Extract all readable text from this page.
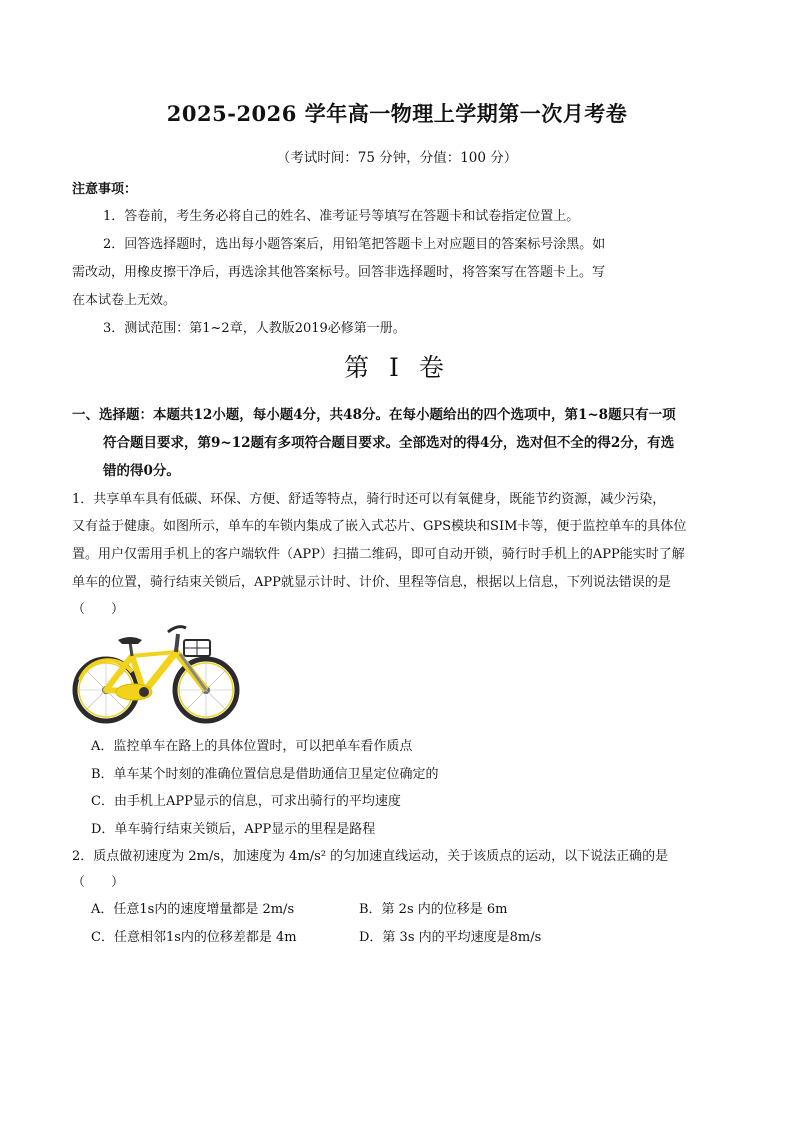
2025-2026 学年高一物理上学期第一次月考卷
（考试时间：75 分钟，分值：100 分）
注意事项：
1．答卷前，考生务必将自己的姓名、准考证号等填写在答题卡和试卷指定位置上。
2．回答选择题时，选出每小题答案后，用铅笔把答题卡上对应题目的答案标号涂黑。如
需改动，用橡皮擦干净后，再选涂其他答案标号。回答非选择题时，将答案写在答题卡上。写
在本试卷上无效。
3．测试范围：第1~2章，人教版2019必修第一册。
第 I 卷
一、选择题：本题共12小题，每小题4分，共48分。在每小题给出的四个选项中，第1~8题只有一项
符合题目要求，第9~12题有多项符合题目要求。全部选对的得4分，选对但不全的得2分，有选
错的得0分。
1．共享单车具有低碳、环保、方便、舒适等特点，骑行时还可以有氧健身，既能节约资源，减少污染，
又有益于健康。如图所示，单车的车锁内集成了嵌入式芯片、GPS模块和SIM卡等，便于监控单车的具体位
置。用户仅需用手机上的客户端软件（APP）扫描二维码，即可自动开锁，骑行时手机上的APP能实时了解
单车的位置，骑行结束关锁后，APP就显示计时、计价、里程等信息，根据以上信息，下列说法错误的是
（　　）
A．监控单车在路上的具体位置时，可以把单车看作质点
B．单车某个时刻的准确位置信息是借助通信卫星定位确定的
C．由手机上APP显示的信息，可求出骑行的平均速度
D．单车骑行结束关锁后，APP显示的里程是路程
2．质点做初速度为 2m/s，加速度为 4m/s² 的匀加速直线运动，关于该质点的运动，以下说法正确的是
（　　）
A．任意1s内的速度增量都是 2m/s	B．第 2s 内的位移是 6m
C．任意相邻1s内的位移差都是 4m	D．第 3s 内的平均速度是8m/s
